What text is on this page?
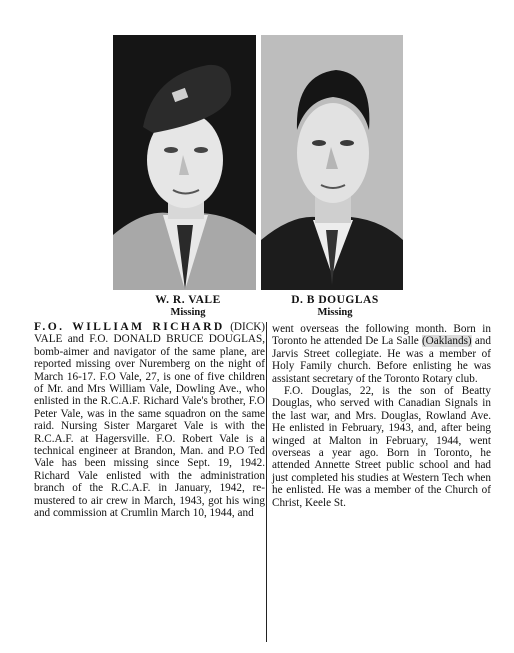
W. R. VALE
Missing
D. B DOUGLAS
Missing

F.O. WILLIAM RICHARD (DICK) VALE and F.O. DONALD BRUCE DOUGLAS, bomb-aimer and navigator of the same plane, are reported missing over Nuremberg on the night of March 16-17. F.O Vale, 27, is one of five children of Mr. and Mrs William Vale, Dowling Ave., who enlisted in the R.C.A.F. Richard Vale's brother, F.O Peter Vale, was in the same squadron on the same raid. Nursing Sister Margaret Vale is with the R.C.A.F. at Hagersville. F.O. Robert Vale is a technical engineer at Brandon, Man. and P.O Ted Vale has been missing since Sept. 19, 1942. Richard Vale enlisted with the administration branch of the R.C.A.F. in January, 1942, re-mustered to air crew in March, 1943, got his wing and commission at Crumlin March 10, 1944, and

went overseas the following month. Born in Toronto he attended De La Salle (Oaklands) and Jarvis Street collegiate. He was a member of Holy Family church. Before enlisting he was assistant secretary of the Toronto Rotary club.

F.O. Douglas, 22, is the son of Beatty Douglas, who served with Canadian Signals in the last war, and Mrs. Douglas, Rowland Ave. He enlisted in February, 1943, and, after being winged at Malton in February, 1944, went overseas a year ago. Born in Toronto, he attended Annette Street public school and had just completed his studies at Western Tech when he enlisted. He was a member of the Church of Christ, Keele St.
